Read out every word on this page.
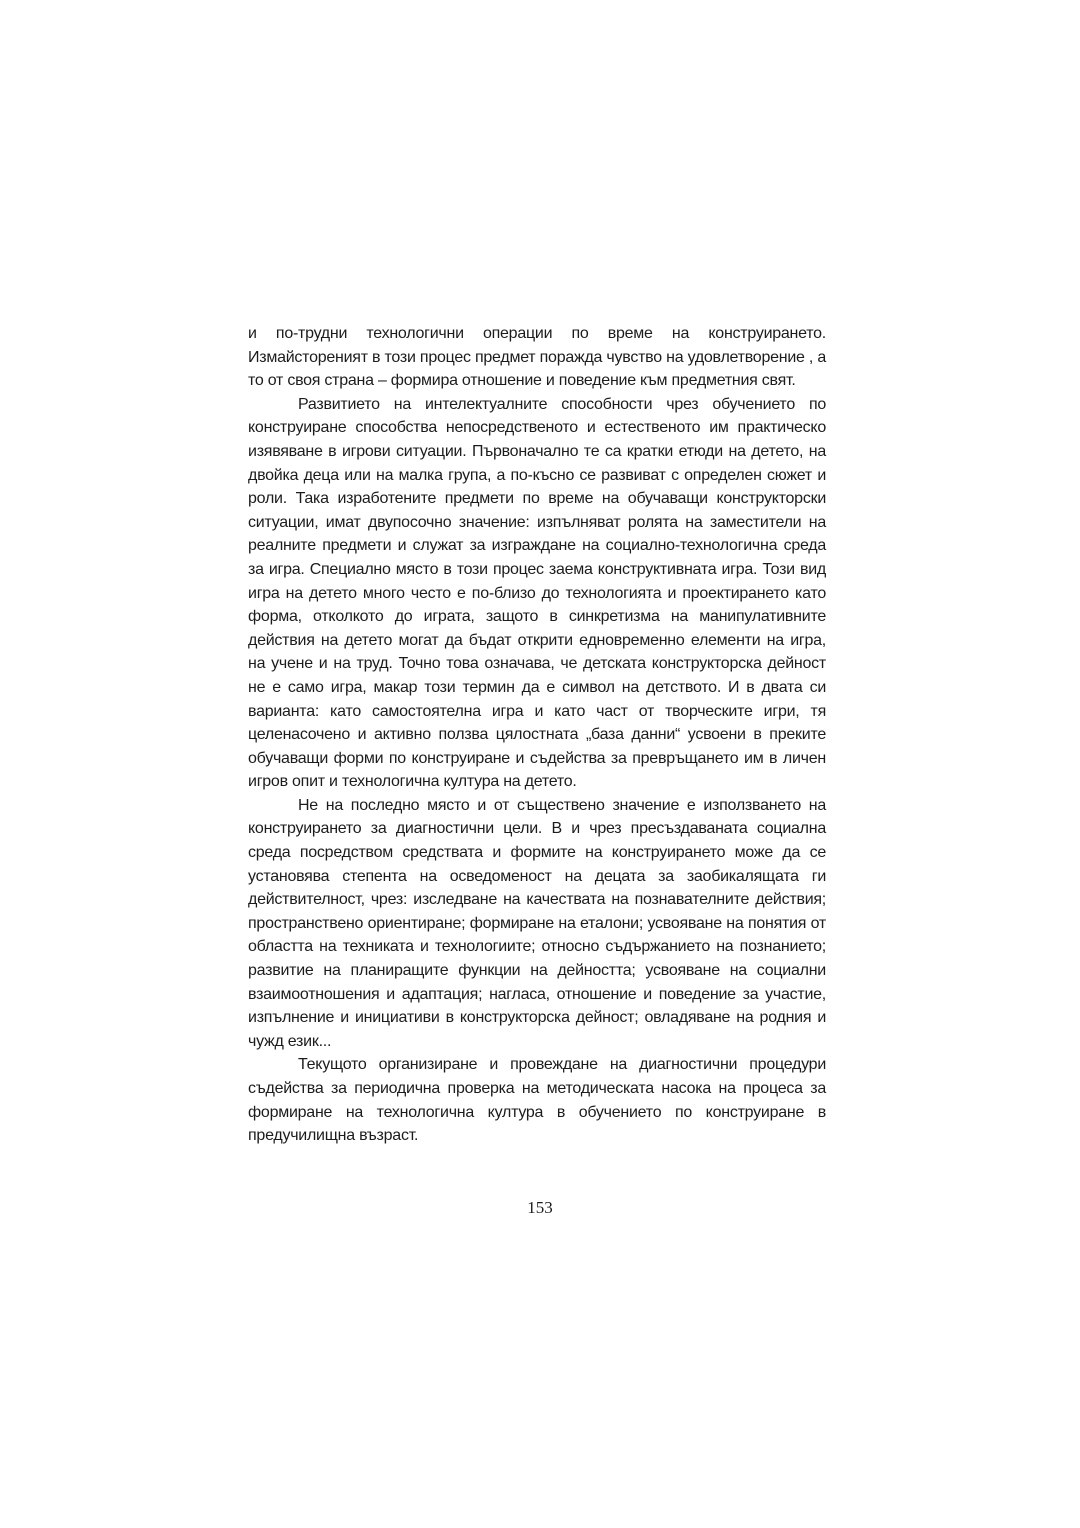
и по-трудни технологични операции по време на конструирането. Измайсторeният в този процес предмет поражда чувство на удовлетворение , а то от своя страна – формира отношение и поведение към предметния свят.

Развитието на интелектуалните способности чрез обучението по конструиране способства непосредственото и естественото им практическо изявяване в игрови ситуации. Първоначално те са кратки етюди на детето, на двойка деца или на малка група, а по-късно се развиват с определен сюжет и роли. Така изработените предмети по време на обучаващи конструкторски ситуации, имат двупосочно значение: изпълняват ролята на заместители на реалните предмети и служат за изграждане на социално-технологична среда за игра. Специално място в този процес заема конструктивната игра. Този вид игра на детето много често е по-близо до технологията и проектирането като форма, отколкото до играта, защото в синкретизма на манипулативните действия на детето могат да бъдат открити едновременно елементи на игра, на учене и на труд. Точно това означава, че детската конструкторска дейност не е само игра, макар този термин да е символ на детството. И в двата си варианта: като самостоятелна игра и като част от творческите игри, тя целенасочено и активно ползва цялостната „база данни“ усвоени в преките обучаващи форми по конструиране и съдейства за превръщането им в личен игров опит и технологична култура на детето.

Не на последно място и от съществено значение е използването на конструирането за диагностични цели. В и чрез пресъздаваната социална среда посредством средствата и формите на конструирането може да се установява степента на осведоменост на децата за заобикалящата ги действителност, чрез: изследване на качествата на познавателните действия; пространствено ориентиране; формиране на еталони; усвояване на понятия от областта на техниката и технологиите; относно съдържанието на познанието; развитие на планиращите функции на дейността; усвояване на социални взаимоотношения и адаптация; нагласа, отношение и поведение за участие, изпълнение и инициативи в конструкторска дейност; овладяване на родния и чужд език...

Текущото организиране и провеждане на диагностични процедури съдейства за периодична проверка на методическата насока на процеса за формиране на технологична култура в обучението по конструиране в предучилищна възраст.

153
